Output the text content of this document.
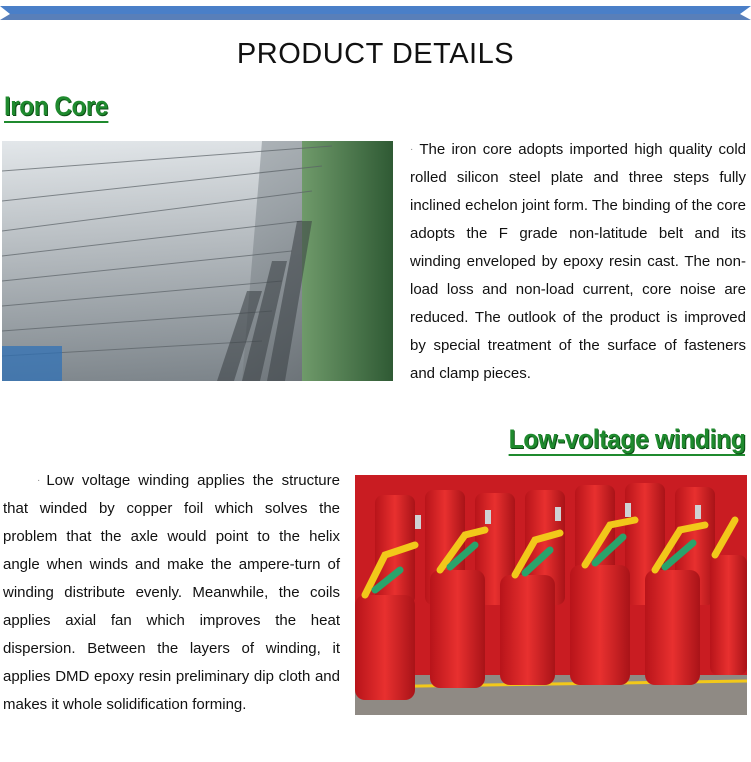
PRODUCT DETAILS
Iron Core
· The iron core adopts imported high quality cold rolled silicon steel plate and three steps fully inclined echelon joint form. The binding of the core adopts the F grade non-latitude belt and its winding enveloped by epoxy resin cast. The non-load loss and non-load current, core noise are reduced. The outlook of the product is improved by special treatment of the surface of fasteners and clamp pieces.
Low-voltage winding
· Low voltage winding applies the structure that winded by copper foil which solves the problem that the axle would point to the helix angle when winds and make the ampere-turn of winding distribute evenly. Meanwhile, the coils applies axial fan which improves the heat dispersion. Between the layers of winding, it applies DMD epoxy resin preliminary dip cloth and makes it whole solidification forming.
